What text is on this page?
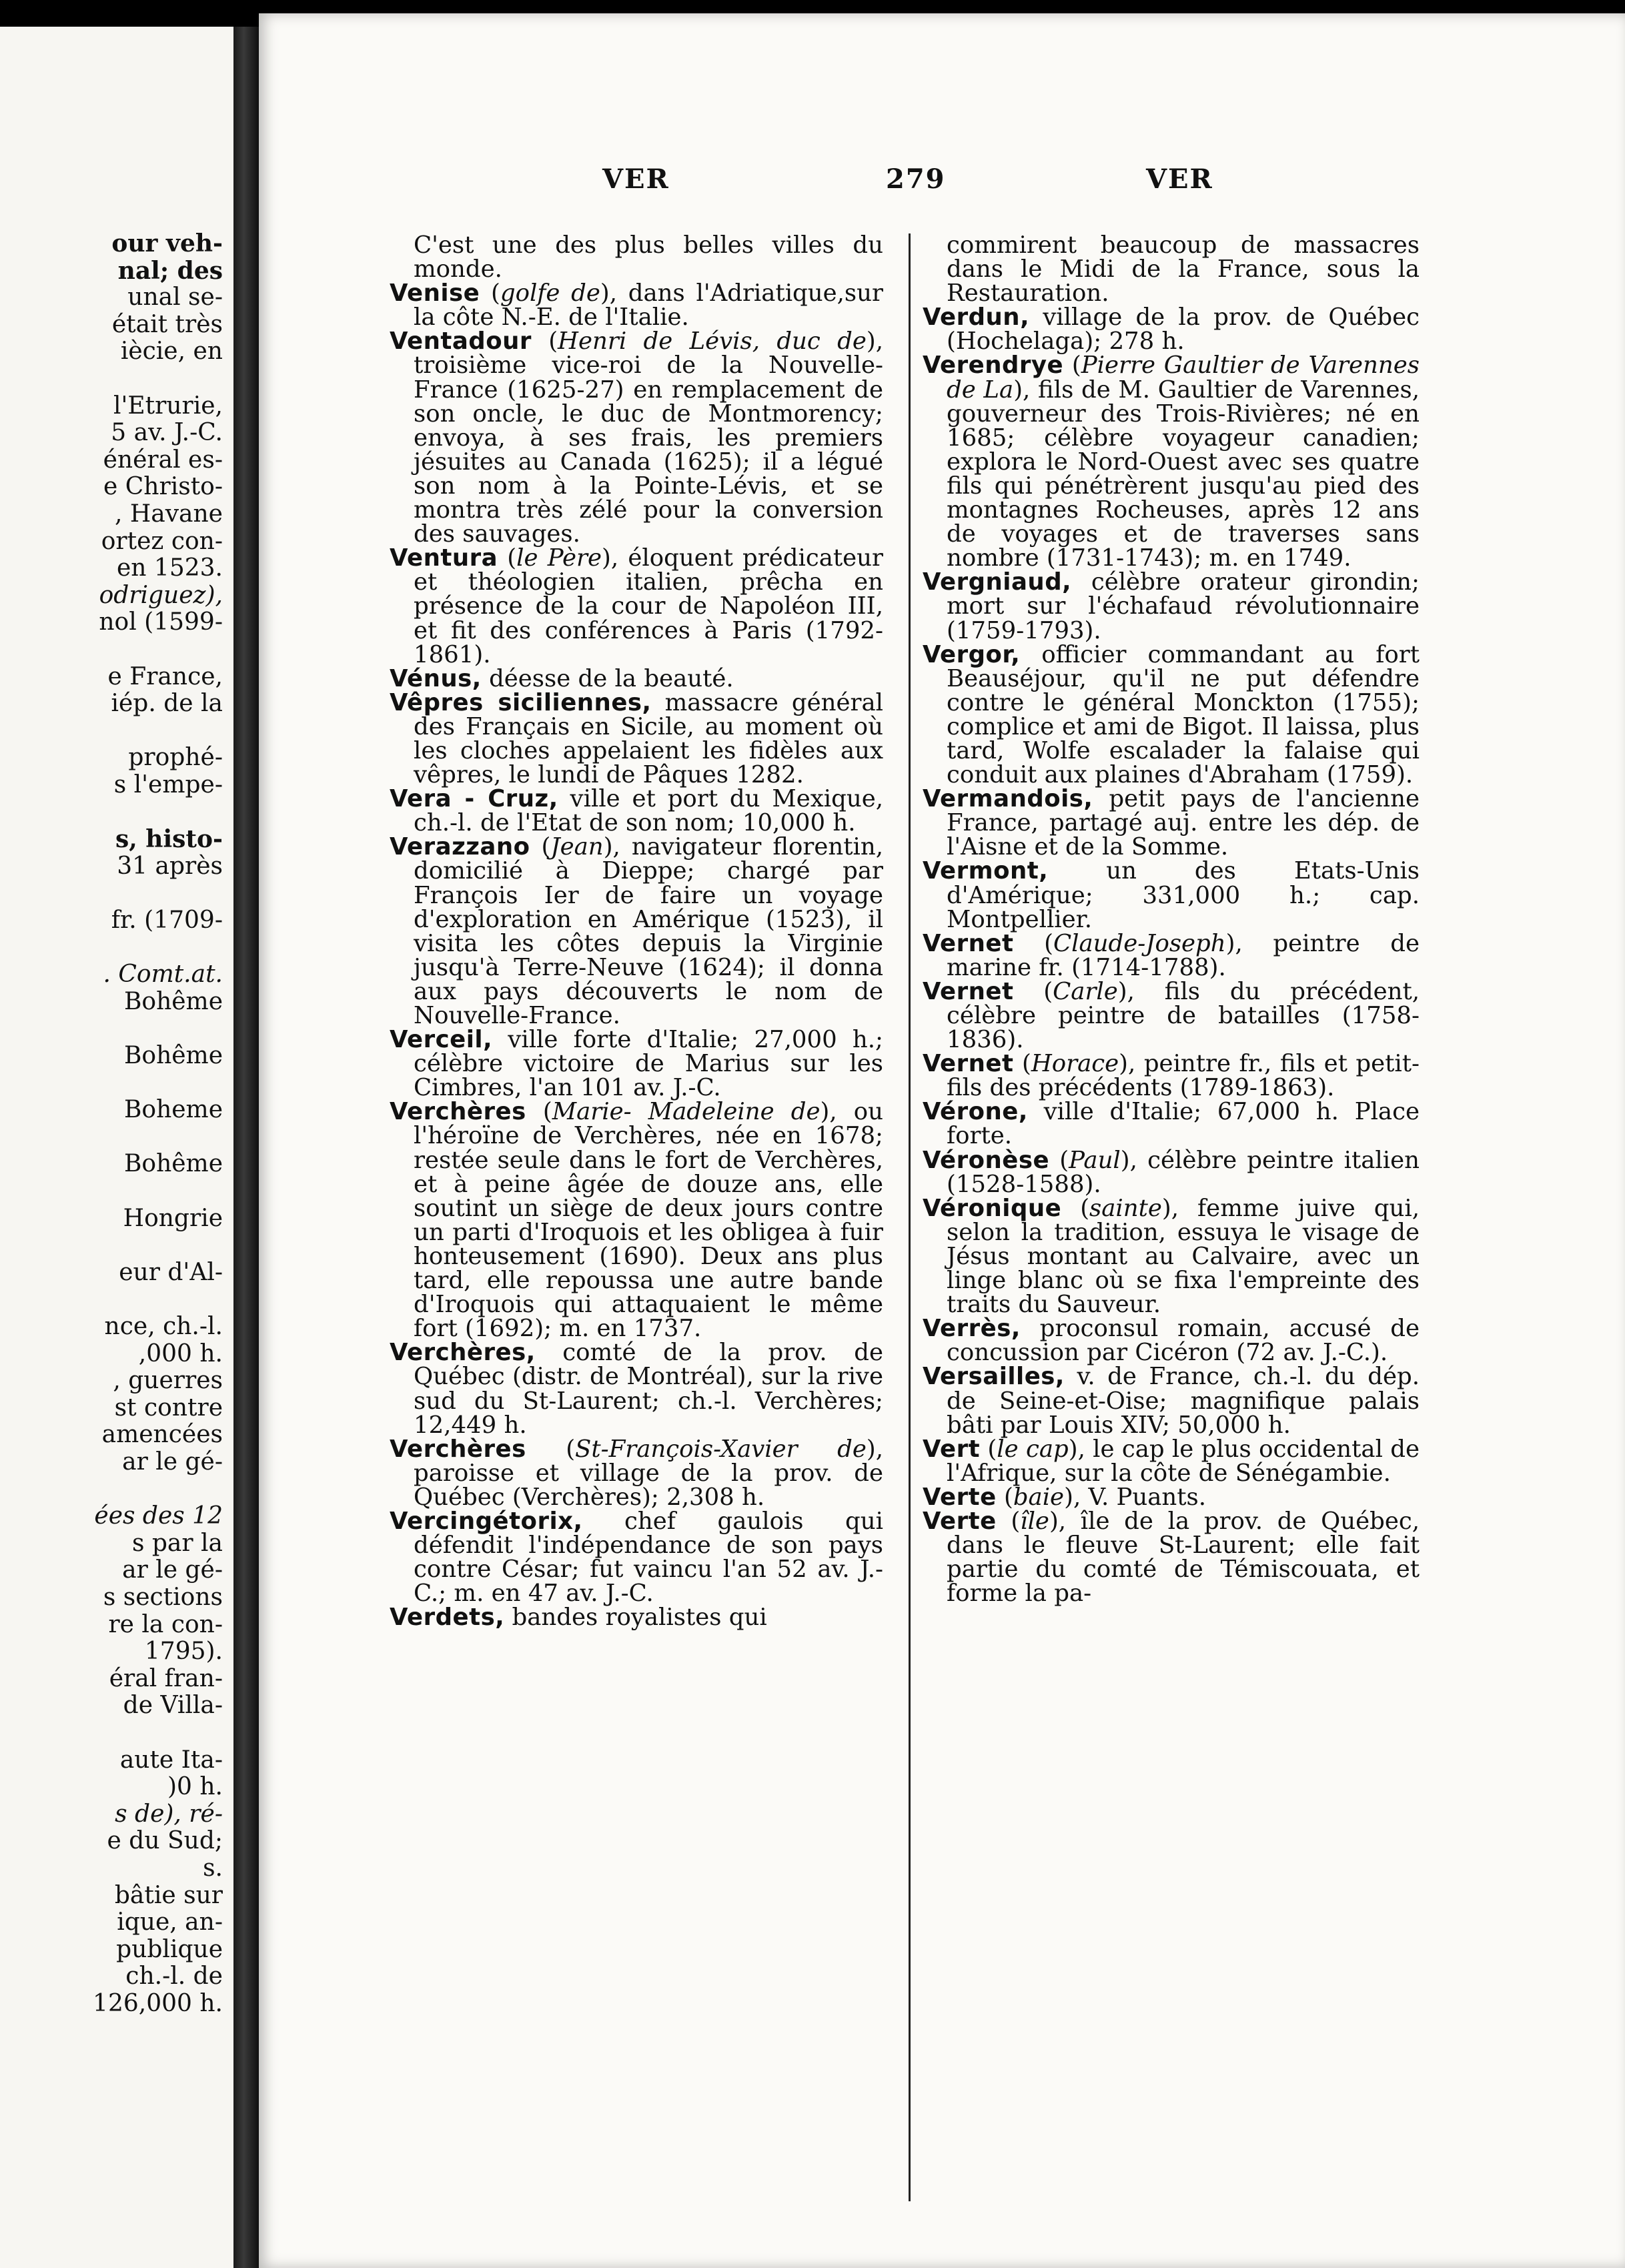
our veh-

nal; des

unal se-

était très

iècie, en

l'Etrurie,

5 av. J.-C.

énéral es-

e Christo-

, Havane

ortez con-

en 1523.

odriguez),

nol (1599-

e France,

iép. de la

prophé-

s l'empe-

s, histo-

31 après

fr. (1709-

. Comt.at.

Bohême

Bohême

Boheme

Bohême

Hongrie

eur d'Al-

nce, ch.-l.

,000 h.

, guerres

st contre

amencées

ar le gé-

ées des 12

s par la

ar le gé-

s sections

re la con-

1795).

éral fran-

de Villa-

aute Ita-

)0 h.

s de), ré-

e du Sud;

s.

bâtie sur

ique, an-

publique

ch.-l. de

126,000 h.

VER	279	VER

C'est une des plus belles villes du monde.

Venise (golfe de), dans l'Adriatique,sur la côte N.-E. de l'Italie.

Ventadour (Henri de Lévis, duc de), troisième vice-roi de la Nouvelle-France (1625-27) en remplacement de son oncle, le duc de Montmorency; envoya, à ses frais, les premiers jésuites au Canada (1625); il a légué son nom à la Pointe-Lévis, et se montra très zélé pour la conversion des sauvages.

Ventura (le Père), éloquent prédicateur et théologien italien, prêcha en présence de la cour de Napoléon III, et fit des conférences à Paris (1792-1861).

Vénus, déesse de la beauté.

Vêpres siciliennes, massacre général des Français en Sicile, au moment où les cloches appelaient les fidèles aux vêpres, le lundi de Pâques 1282.

Vera - Cruz, ville et port du Mexique, ch.-l. de l'Etat de son nom; 10,000 h.

Verazzano (Jean), navigateur florentin, domicilié à Dieppe; chargé par François Ier de faire un voyage d'exploration en Amérique (1523), il visita les côtes depuis la Virginie jusqu'à Terre-Neuve (1624); il donna aux pays découverts le nom de Nouvelle-France.

Verceil, ville forte d'Italie; 27,000 h.; célèbre victoire de Marius sur les Cimbres, l'an 101 av. J.-C.

Verchères (Marie- Madeleine de), ou l'héroïne de Verchères, née en 1678; restée seule dans le fort de Verchères, et à peine âgée de douze ans, elle soutint un siège de deux jours contre un parti d'Iroquois et les obligea à fuir honteusement (1690). Deux ans plus tard, elle repoussa une autre bande d'Iroquois qui attaquaient le même fort (1692); m. en 1737.

Verchères, comté de la prov. de Québec (distr. de Montréal), sur la rive sud du St-Laurent; ch.-l. Verchères; 12,449 h.

Verchères (St-François-Xavier de), paroisse et village de la prov. de Québec (Verchères); 2,308 h.

Vercingétorix, chef gaulois qui défendit l'indépendance de son pays contre César; fut vaincu l'an 52 av. J.-C.; m. en 47 av. J.-C.

Verdets, bandes royalistes qui

commirent beaucoup de massacres dans le Midi de la France, sous la Restauration.

Verdun, village de la prov. de Québec (Hochelaga); 278 h.

Verendrye (Pierre Gaultier de Varennes de La), fils de M. Gaultier de Varennes, gouverneur des Trois-Rivières; né en 1685; célèbre voyageur canadien; explora le Nord-Ouest avec ses quatre fils qui pénétrèrent jusqu'au pied des montagnes Rocheuses, après 12 ans de voyages et de traverses sans nombre (1731-1743); m. en 1749.

Vergniaud, célèbre orateur girondin; mort sur l'échafaud révolutionnaire (1759-1793).

Vergor, officier commandant au fort Beauséjour, qu'il ne put défendre contre le général Monckton (1755); complice et ami de Bigot. Il laissa, plus tard, Wolfe escalader la falaise qui conduit aux plaines d'Abraham (1759).

Vermandois, petit pays de l'ancienne France, partagé auj. entre les dép. de l'Aisne et de la Somme.

Vermont, un des Etats-Unis d'Amérique; 331,000 h.; cap. Montpellier.

Vernet (Claude-Joseph), peintre de marine fr. (1714-1788).

Vernet (Carle), fils du précédent, célèbre peintre de batailles (1758-1836).

Vernet (Horace), peintre fr., fils et petit-fils des précédents (1789-1863).

Vérone, ville d'Italie; 67,000 h. Place forte.

Véronèse (Paul), célèbre peintre italien (1528-1588).

Véronique (sainte), femme juive qui, selon la tradition, essuya le visage de Jésus montant au Calvaire, avec un linge blanc où se fixa l'empreinte des traits du Sauveur.

Verrès, proconsul romain, accusé de concussion par Cicéron (72 av. J.-C.).

Versailles, v. de France, ch.-l. du dép. de Seine-et-Oise; magnifique palais bâti par Louis XIV; 50,000 h.

Vert (le cap), le cap le plus occidental de l'Afrique, sur la côte de Sénégambie.

Verte (baie), V. Puants.

Verte (île), île de la prov. de Québec, dans le fleuve St-Laurent; elle fait partie du comté de Témiscouata, et forme la pa-
